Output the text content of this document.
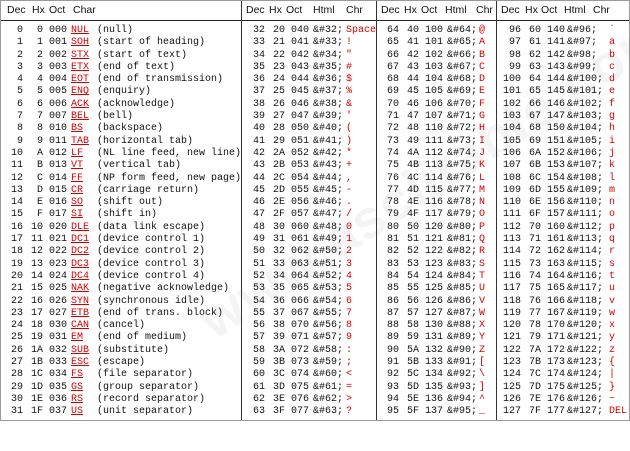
Dec Hx Oct Char	Dec Hx Oct Html Chr Dec Hx Oct Html Chr Dec Hx Oct Html Chr
0	0 000 NUL (null)	32 20 040 &#32; Space	64 40 100 &#64; @	96 60 140 &#96;	`
1	1 001 SOH (start of heading)	33 21 041 &#33; !	65 41 101 &#65; A	97 61 141 &#97;	a
2	2 002 STX (start of text)	34 22 042 &#34; "	66 42 102 &#66; B	98 62 142 &#98;	b
3	3 003 ETX (end of text)	35 23 043 &#35; #	67 43 103 &#67; C	99 63 143 &#99;	c
4	4 004 EOT (end of transmission)	36 24 044 &#36; $	68 44 104 &#68; D	100 64 144 &#100; d
5	5 005 ENQ (enquiry)	37 25 045 &#37; %	69 45 105 &#69; E	101 65 145 &#101; e
6	6 006 ACK (acknowledge)	38 26 046 &#38; &	70 46 106 &#70; F	102 66 146 &#102; f
7	7 007 BEL (bell)	39 27 047 &#39; '	71 47 107 &#71; G	103 67 147 &#103; g
8	8 010 BS	(backspace)	40 28 050 &#40; (	72 48 110 &#72; H	104 68 150 &#104; h
9	9 011 TAB (horizontal tab)	41 29 051 &#41; )	73 49 111 &#73; I	105 69 151 &#105; i
10	A 012 LF	(NL line feed, new line)	42 2A 052 &#42; *	74 4A 112 &#74; J	106 6A 152 &#106; j
11	B 013 VT	(vertical tab)	43 2B 053 &#43; +	75 4B 113 &#75; K	107 6B 153 &#107; k
12	C 014 FF	(NP form feed, new page)	44 2C 054 &#44; ,	76 4C 114 &#76; L	108 6C 154 &#108; l
13	D 015 CR	(carriage return)	45 2D 055 &#45; -	77 4D 115 &#77; M	109 6D 155 &#109; m
14	E 016 SO	(shift out)	46 2E 056 &#46; .	78 4E 116 &#78; N	110 6E 156 &#110; n
15	F 017 SI	(shift in)	47 2F 057 &#47; /	79 4F 117 &#79; O	111 6F 157 &#111; o
16 10 020 DLE (data link escape)	48 30 060 &#48; 0	80 50 120 &#80; P	112 70 160 &#112; p
17 11 021 DC1 (device control 1)	49 31 061 &#49; 1	81 51 121 &#81; Q	113 71 161 &#113; q
18 12 022 DC2 (device control 2)	50 32 062 &#50; 2	82 52 122 &#82; R	114 72 162 &#114; r
19 13 023 DC3 (device control 3)	51 33 063 &#51; 3	83 53 123 &#83; S	115 73 163 &#115; s
20 14 024 DC4 (device control 4)	52 34 064 &#52; 4	84 54 124 &#84; T	116 74 164 &#116; t
21 15 025 NAK (negative acknowledge)	53 35 065 &#53; 5	85 55 125 &#85; U	117 75 165 &#117; u
22 16 026 SYN (synchronous idle)	54 36 066 &#54; 6	86 56 126 &#86; V	118 76 166 &#118; v
23 17 027 ETB (end of trans. block)	55 37 067 &#55; 7	87 57 127 &#87; W	119 77 167 &#119; w
24 18 030 CAN (cancel)	56 38 070 &#56; 8	88 58 130 &#88; X	120 78 170 &#120; x
25 19 031 EM	(end of medium)	57 39 071 &#57; 9	89 59 131 &#89; Y	121 79 171 &#121; y
26 1A 032 SUB (substitute)	58 3A 072 &#58; :	90 5A 132 &#90; Z	122 7A 172 &#122; z
27 1B 033 ESC (escape)	59 3B 073 &#59; ;	91 5B 133 &#91; [	123 7B 173 &#123; {
28 1C 034 FS	(file separator)	60 3C 074 &#60; <	92 5C 134 &#92; \	124 7C 174 &#124; |
29 1D 035 GS	(group separator)	61 3D 075 &#61; =	93 5D 135 &#93; ]	125 7D 175 &#125; }
30 1E 036 RS	(record separator)	62 3E 076 &#62; >	94 5E 136 &#94; ^	126 7E 176 &#126; ~
31 1F 037 US	(unit separator)	63 3F 077 &#63; ?	95 5F 137 &#95; _	127 7F 177 &#127; DEL
